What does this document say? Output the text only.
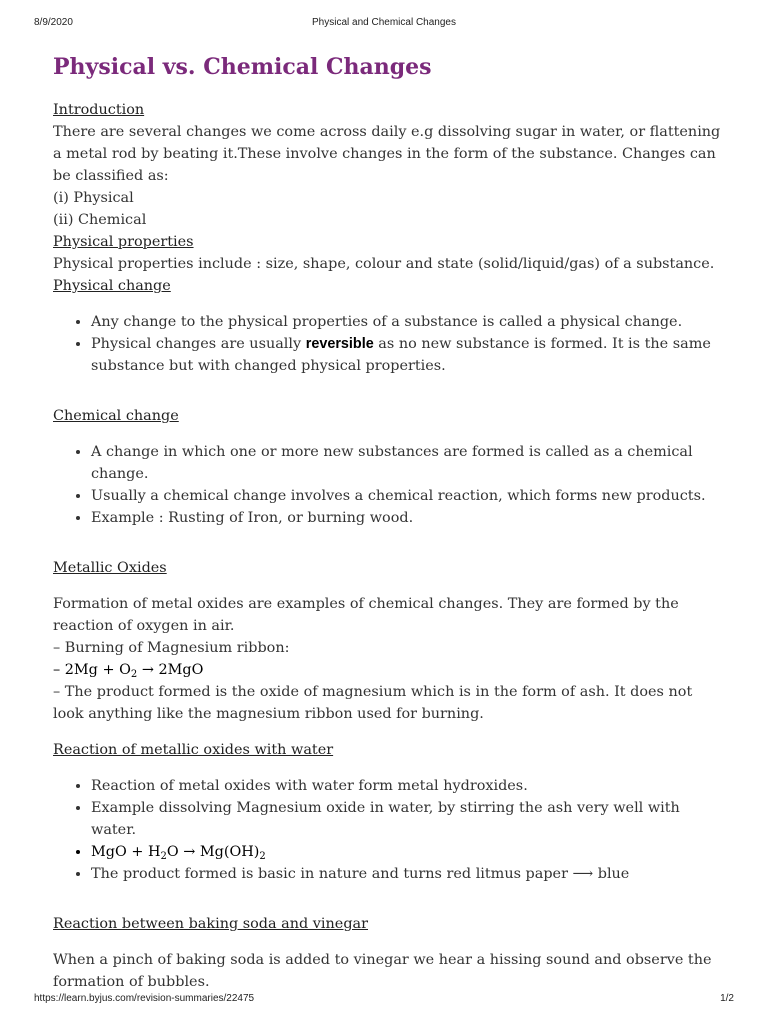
8/9/2020	Physical and Chemical Changes
Physical vs. Chemical Changes

Introduction

There are several changes we come across daily e.g dissolving sugar in water, or flattening a metal rod by beating it.These involve changes in the form of the substance. Changes can be classified as:

(i) Physical

(ii) Chemical

Physical properties

Physical properties include : size, shape, colour and state (solid/liquid/gas) of a substance.

Physical change

• Any change to the physical properties of a substance is called a physical change.
• Physical changes are usually reversible as no new substance is formed. It is the same substance but with changed physical properties.

Chemical change

• A change in which one or more new substances are formed is called as a chemical change.
• Usually a chemical change involves a chemical reaction, which forms new products.
• Example : Rusting of Iron, or burning wood.

Metallic Oxides

Formation of metal oxides are examples of chemical changes. They are formed by the reaction of oxygen in air.

– Burning of Magnesium ribbon:

– $2Mg + O_2 \to 2MgO$

– The product formed is the oxide of magnesium which is in the form of ash. It does not look anything like the magnesium ribbon used for burning.

Reaction of metallic oxides with water

• Reaction of metal oxides with water form metal hydroxides.
• Example dissolving Magnesium oxide in water, by stirring the ash very well with water.
• MgO + $H_2O \to Mg(OH)_2$
• The product formed is basic in nature and turns red litmus paper ⟶ blue

Reaction between baking soda and vinegar

When a pinch of baking soda is added to vinegar we hear a hissing sound and observe the formation of bubbles.

https://learn.byjus.com/revision-summaries/22475	1/2
